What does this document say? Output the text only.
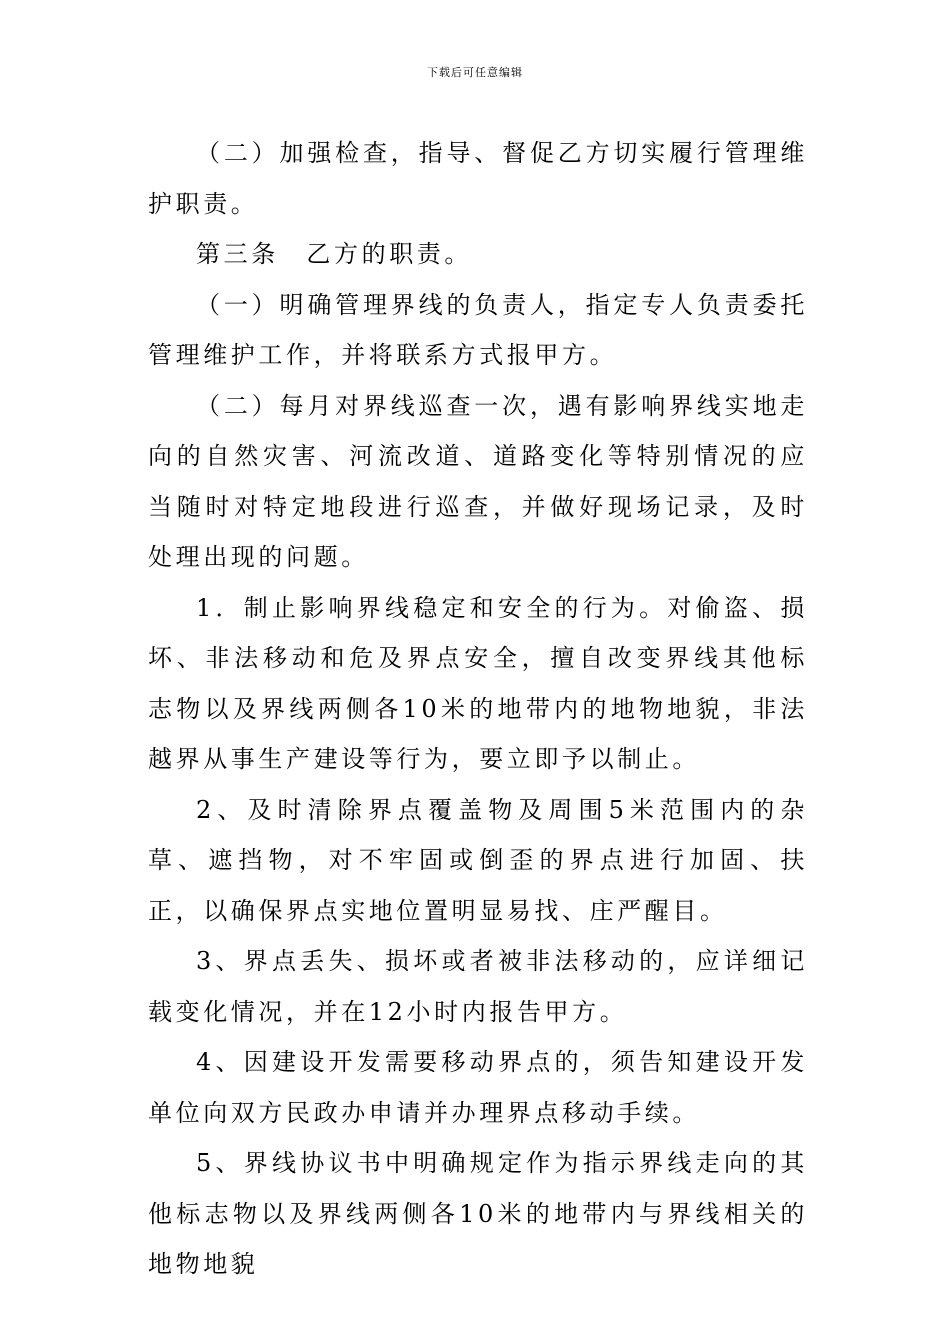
下载后可任意编辑

（二）加强检查，指导、督促乙方切实履行管理维护职责。

第三条　乙方的职责。

（一）明确管理界线的负责人，指定专人负责委托管理维护工作，并将联系方式报甲方。

（二）每月对界线巡查一次，遇有影响界线实地走向的自然灾害、河流改道、道路变化等特别情况的应当随时对特定地段进行巡查，并做好现场记录，及时处理出现的问题。

1．制止影响界线稳定和安全的行为。对偷盗、损坏、非法移动和危及界点安全，擅自改变界线其他标志物以及界线两侧各10米的地带内的地物地貌，非法越界从事生产建设等行为，要立即予以制止。

2、及时清除界点覆盖物及周围5米范围内的杂草、遮挡物，对不牢固或倒歪的界点进行加固、扶正，以确保界点实地位置明显易找、庄严醒目。

3、界点丢失、损坏或者被非法移动的，应详细记载变化情况，并在12小时内报告甲方。

4、因建设开发需要移动界点的，须告知建设开发单位向双方民政办申请并办理界点移动手续。

5、界线协议书中明确规定作为指示界线走向的其他标志物以及界线两侧各10米的地带内与界线相关的地物地貌
